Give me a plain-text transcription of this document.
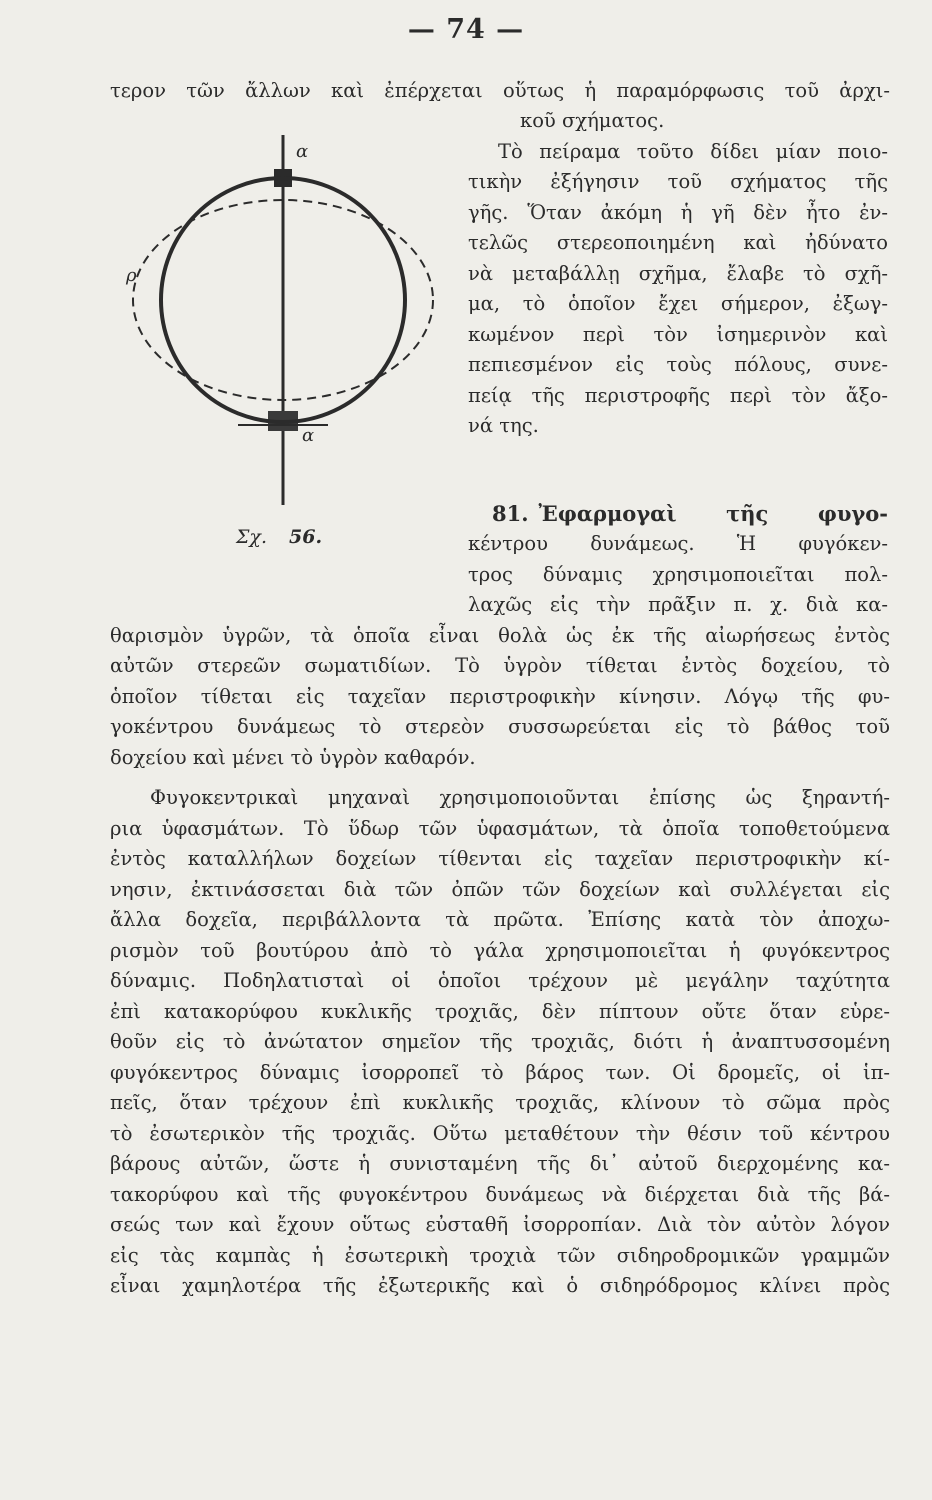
— 74 —
α
ρ
α
Σχ. 56.
τερον τῶν ἄλλων καὶ ἐπέρχεται οὕτως ἡ παραμόρφωσις τοῦ ἀρχι-
κοῦ σχήματος.
Τὸ πείραμα τοῦτο δίδει μίαν ποιο-
τικὴν ἐξήγησιν τοῦ σχήματος τῆς
γῆς. Ὅταν ἀκόμη ἡ γῆ δὲν ἦτο ἐν-
τελῶς στερεοποιημένη καὶ ἠδύνατο
νὰ μεταβάλλῃ σχῆμα, ἔλαβε τὸ σχῆ-
μα, τὸ ὁποῖον ἔχει σήμερον, ἐξωγ-
κωμένον περὶ τὸν ἰσημερινὸν καὶ
πεπιεσμένον εἰς τοὺς πόλους, συνε-
πείᾳ τῆς περιστροφῆς περὶ τὸν ἄξο-
νά της.
81. Ἐφαρμογαὶ τῆς φυγο-
κέντρου δυνάμεως. Ἡ φυγόκεν-
τρος δύναμις χρησιμοποιεῖται πολ-
λαχῶς εἰς τὴν πρᾶξιν π. χ. διὰ κα-
θαρισμὸν ὑγρῶν, τὰ ὁποῖα εἶναι θολὰ ὡς ἐκ τῆς αἰωρήσεως ἐντὸς
αὐτῶν στερεῶν σωματιδίων. Τὸ ὑγρὸν τίθεται ἐντὸς δοχείου, τὸ
ὁποῖον τίθεται εἰς ταχεῖαν περιστροφικὴν κίνησιν. Λόγῳ τῆς φυ-
γοκέντρου δυνάμεως τὸ στερεὸν συσσωρεύεται εἰς τὸ βάθος τοῦ
δοχείου καὶ μένει τὸ ὑγρὸν καθαρόν.
Φυγοκεντρικαὶ μηχαναὶ χρησιμοποιοῦνται ἐπίσης ὡς ξηραντή-
ρια ὑφασμάτων. Τὸ ὕδωρ τῶν ὑφασμάτων, τὰ ὁποῖα τοποθετούμενα
ἐντὸς καταλλήλων δοχείων τίθενται εἰς ταχεῖαν περιστροφικὴν κί-
νησιν, ἐκτινάσσεται διὰ τῶν ὀπῶν τῶν δοχείων καὶ συλλέγεται εἰς
ἄλλα δοχεῖα, περιβάλλοντα τὰ πρῶτα. Ἐπίσης κατὰ τὸν ἀποχω-
ρισμὸν τοῦ βουτύρου ἀπὸ τὸ γάλα χρησιμοποιεῖται ἡ φυγόκεντρος
δύναμις. Ποδηλατισταὶ οἱ ὁποῖοι τρέχουν μὲ μεγάλην ταχύτητα
ἐπὶ κατακορύφου κυκλικῆς τροχιᾶς, δὲν πίπτουν οὔτε ὅταν εὑρε-
θοῦν εἰς τὸ ἀνώτατον σημεῖον τῆς τροχιᾶς, διότι ἡ ἀναπτυσσομένη
φυγόκεντρος δύναμις ἰσορροπεῖ τὸ βάρος των. Οἱ δρομεῖς, οἱ ἱπ-
πεῖς, ὅταν τρέχουν ἐπὶ κυκλικῆς τροχιᾶς, κλίνουν τὸ σῶμα πρὸς
τὸ ἐσωτερικὸν τῆς τροχιᾶς. Οὕτω μεταθέτουν τὴν θέσιν τοῦ κέντρου
βάρους αὐτῶν, ὥστε ἡ συνισταμένη τῆς δι᾽ αὐτοῦ διερχομένης κα-
τακορύφου καὶ τῆς φυγοκέντρου δυνάμεως νὰ διέρχεται διὰ τῆς βά-
σεώς των καὶ ἔχουν οὕτως εὐσταθῆ ἰσορροπίαν. Διὰ τὸν αὐτὸν λόγον
εἰς τὰς καμπὰς ἡ ἐσωτερικὴ τροχιὰ τῶν σιδηροδρομικῶν γραμμῶν
εἶναι χαμηλοτέρα τῆς ἐξωτερικῆς καὶ ὁ σιδηρόδρομος κλίνει πρὸς
